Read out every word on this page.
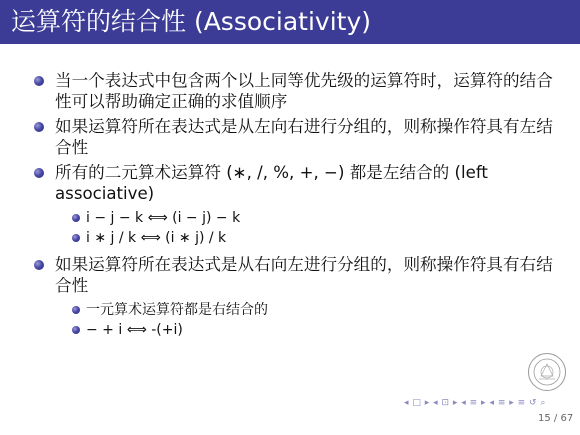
运算符的结合性 (Associativity)
当一个表达式中包含两个以上同等优先级的运算符时，运算符的结合性可以帮助确定正确的求值顺序
如果运算符所在表达式是从左向右进行分组的，则称操作符具有左结合性
所有的二元算术运算符 (∗, /, %, +, −) 都是左结合的 (left associative)
i − j − k ⟺ (i − j) − k
i ∗ j / k ⟺ (i ∗ j) / k
如果运算符所在表达式是从右向左进行分组的，则称操作符具有右结合性
一元算术运算符都是右结合的
− + i ⟺ -(+i)
◂ □ ▸ ◂ ⊡ ▸ ◂ ≡ ▸ ◂ ≡ ▸ ≡ ↺ ⌕
15 / 67
